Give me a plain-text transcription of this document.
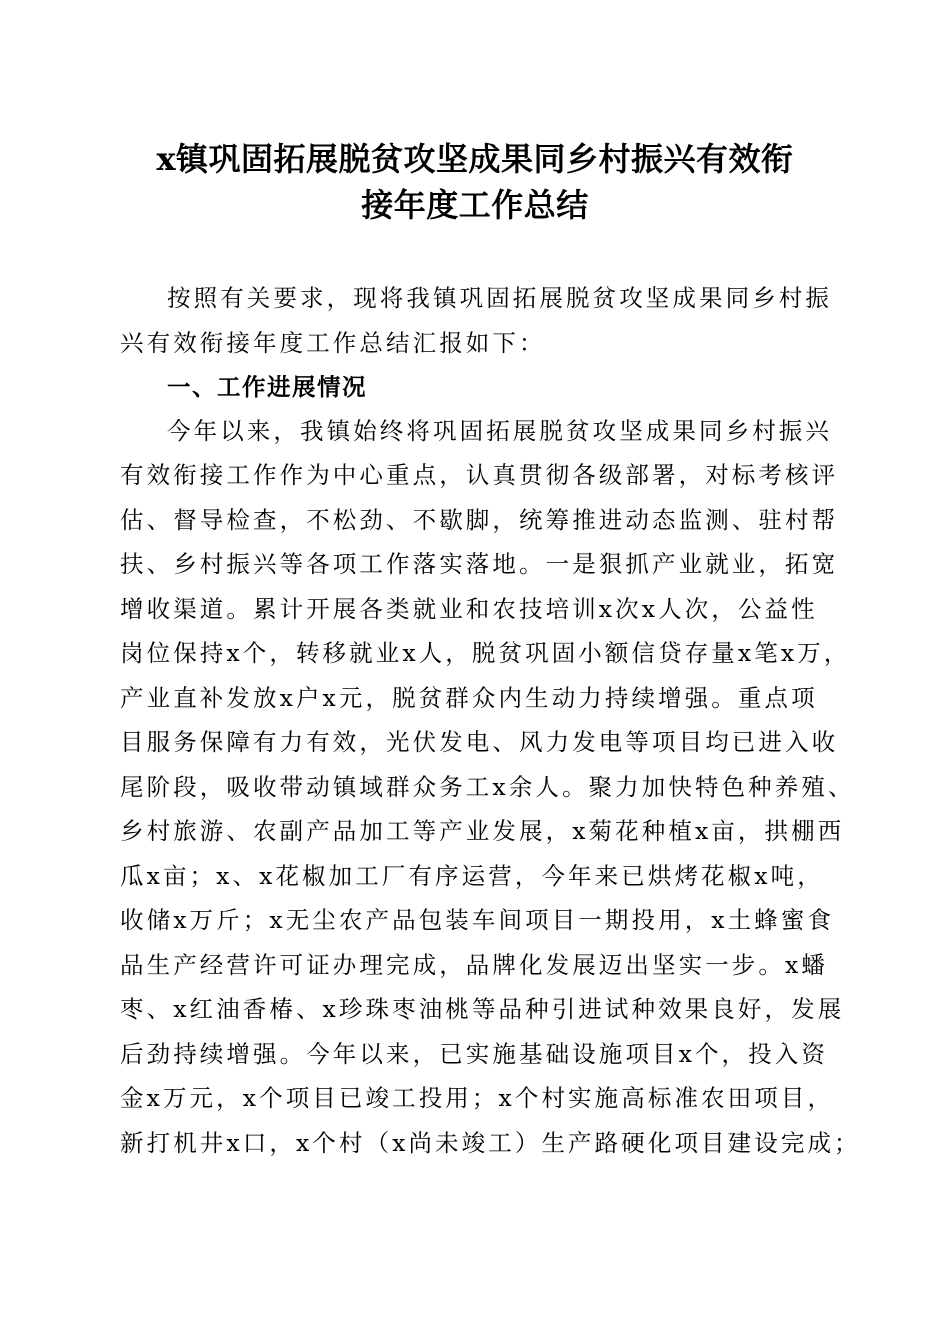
x镇巩固拓展脱贫攻坚成果同乡村振兴有效衔
接年度工作总结

按照有关要求，现将我镇巩固拓展脱贫攻坚成果同乡村振

兴有效衔接年度工作总结汇报如下：

一、工作进展情况

今年以来，我镇始终将巩固拓展脱贫攻坚成果同乡村振兴

有效衔接工作作为中心重点，认真贯彻各级部署，对标考核评

估、督导检查，不松劲、不歇脚，统筹推进动态监测、驻村帮

扶、乡村振兴等各项工作落实落地。一是狠抓产业就业，拓宽

增收渠道。累计开展各类就业和农技培训x次x人次，公益性

岗位保持x个，转移就业x人，脱贫巩固小额信贷存量x笔x万，

产业直补发放x户x元，脱贫群众内生动力持续增强。重点项

目服务保障有力有效，光伏发电、风力发电等项目均已进入收

尾阶段，吸收带动镇域群众务工x余人。聚力加快特色种养殖、

乡村旅游、农副产品加工等产业发展，x菊花种植x亩，拱棚西

瓜x亩；x、x花椒加工厂有序运营，今年来已烘烤花椒x吨，

收储x万斤；x无尘农产品包装车间项目一期投用，x土蜂蜜食

品生产经营许可证办理完成，品牌化发展迈出坚实一步。x蟠

枣、x红油香椿、x珍珠枣油桃等品种引进试种效果良好，发展

后劲持续增强。今年以来，已实施基础设施项目x个，投入资

金x万元，x个项目已竣工投用；x个村实施高标准农田项目，

新打机井x口，x个村（x尚未竣工）生产路硬化项目建设完成；
